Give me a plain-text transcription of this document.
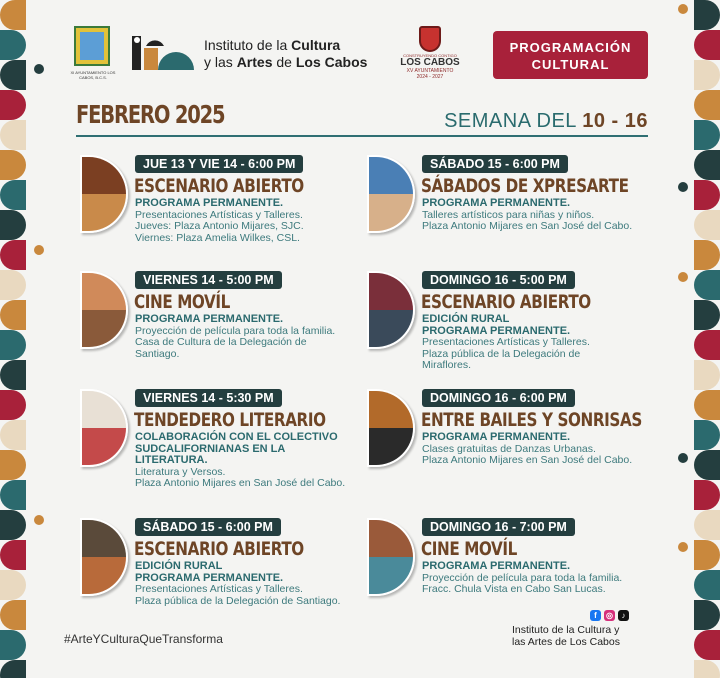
XI AYUNTAMIENTO LOS CABOS, B.C.S.
Instituto de la Cultura
y las Artes de Los Cabos	CONSTRUYENDO CONTIGO
LOS CABOS
XV AYUNTAMIENTO
2024 - 2027
PROGRAMACIÓN
CULTURAL
FEBRERO 2025	SEMANA DEL 10 - 16
JUE 13 Y VIE 14 - 6:00 PM
ESCENARIO ABIERTO
PROGRAMA PERMANENTE.
Presentaciones Artísticas y Talleres.
Jueves: Plaza Antonio Mijares, SJC.
Viernes: Plaza Amelia Wilkes, CSL.
VIERNES 14 - 5:00 PM
CINE MOVÍL
PROGRAMA PERMANENTE.
Proyección de película para toda la familia.
Casa de Cultura de la Delegación de
Santiago.
VIERNES 14 - 5:30 PM
TENDEDERO LITERARIO
COLABORACIÓN CON EL COLECTIVO
SUDCALIFORNIANAS EN LA
LITERATURA.
Literatura y Versos.
Plaza Antonio Mijares en San José del Cabo.
SÁBADO 15 - 6:00 PM
ESCENARIO ABIERTO
EDICIÓN RURAL
PROGRAMA PERMANENTE.
Presentaciones Artísticas y Talleres.
Plaza pública de la Delegación de Santiago.
SÁBADO 15 - 6:00 PM
SÁBADOS DE XPRESARTE
PROGRAMA PERMANENTE.
Talleres artísticos para niñas y niños.
Plaza Antonio Mijares en San José del Cabo.
DOMINGO 16 - 5:00 PM
ESCENARIO ABIERTO
EDICIÓN RURAL
PROGRAMA PERMANENTE.
Presentaciones Artísticas y Talleres.
Plaza pública de la Delegación de
Miraflores.
DOMINGO 16 - 6:00 PM
ENTRE BAILES Y SONRISAS
PROGRAMA PERMANENTE.
Clases gratuitas de Danzas Urbanas.
Plaza Antonio Mijares en San José del Cabo.
DOMINGO 16 - 7:00 PM
CINE MOVÍL
PROGRAMA PERMANENTE.
Proyección de película para toda la familia.
Fracc. Chula Vista en Cabo San Lucas.
#ArteYCulturaQueTransforma
f	◎	♪
Instituto de la Cultura y
las Artes de Los Cabos
